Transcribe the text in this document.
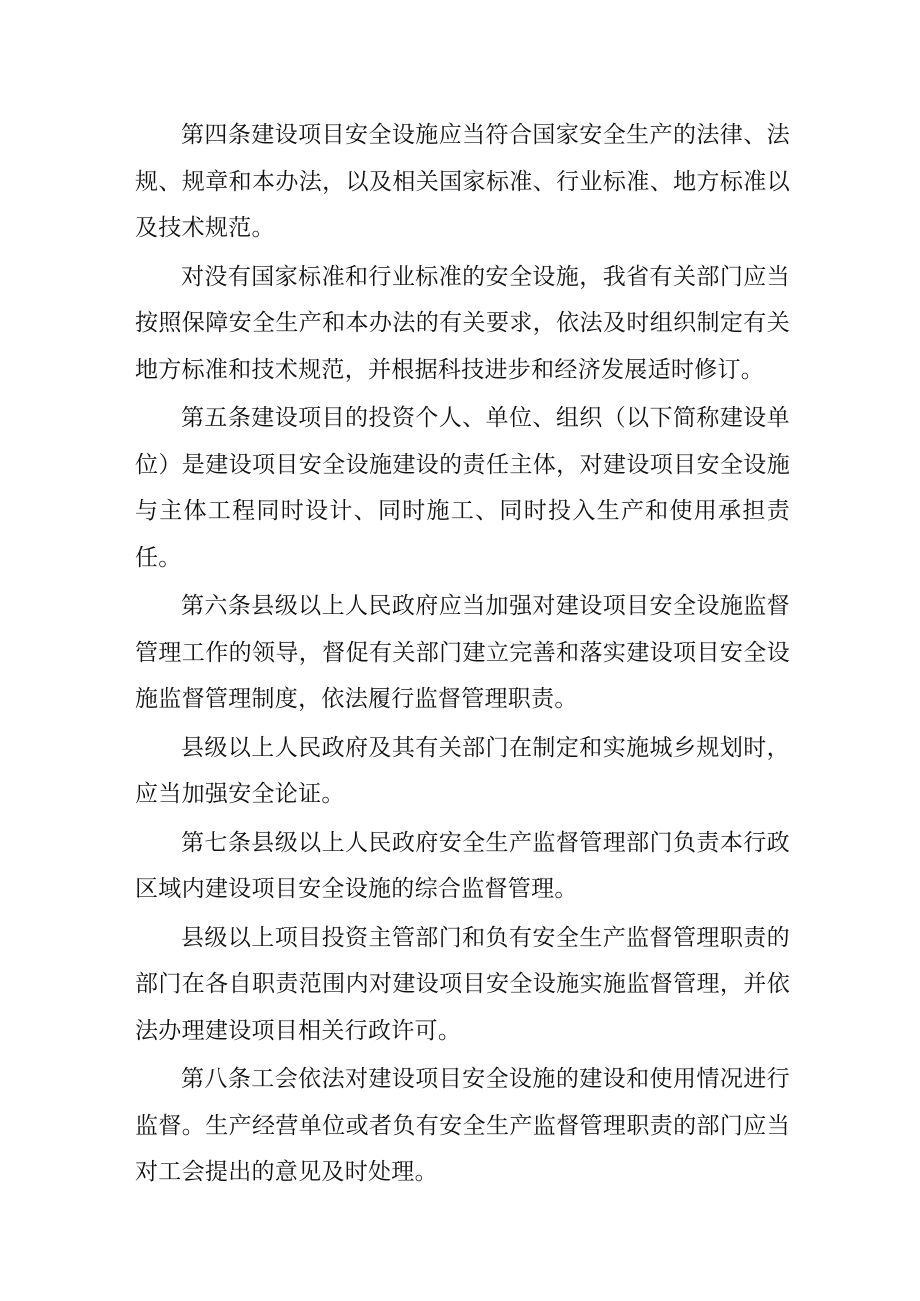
第四条建设项目安全设施应当符合国家安全生产的法律、法规、规章和本办法，以及相关国家标准、行业标准、地方标准以及技术规范。

对没有国家标准和行业标准的安全设施，我省有关部门应当按照保障安全生产和本办法的有关要求，依法及时组织制定有关地方标准和技术规范，并根据科技进步和经济发展适时修订。

第五条建设项目的投资个人、单位、组织（以下简称建设单位）是建设项目安全设施建设的责任主体，对建设项目安全设施与主体工程同时设计、同时施工、同时投入生产和使用承担责任。

第六条县级以上人民政府应当加强对建设项目安全设施监督管理工作的领导，督促有关部门建立完善和落实建设项目安全设施监督管理制度，依法履行监督管理职责。

县级以上人民政府及其有关部门在制定和实施城乡规划时，应当加强安全论证。

第七条县级以上人民政府安全生产监督管理部门负责本行政区域内建设项目安全设施的综合监督管理。

县级以上项目投资主管部门和负有安全生产监督管理职责的部门在各自职责范围内对建设项目安全设施实施监督管理，并依法办理建设项目相关行政许可。

第八条工会依法对建设项目安全设施的建设和使用情况进行监督。生产经营单位或者负有安全生产监督管理职责的部门应当对工会提出的意见及时处理。
